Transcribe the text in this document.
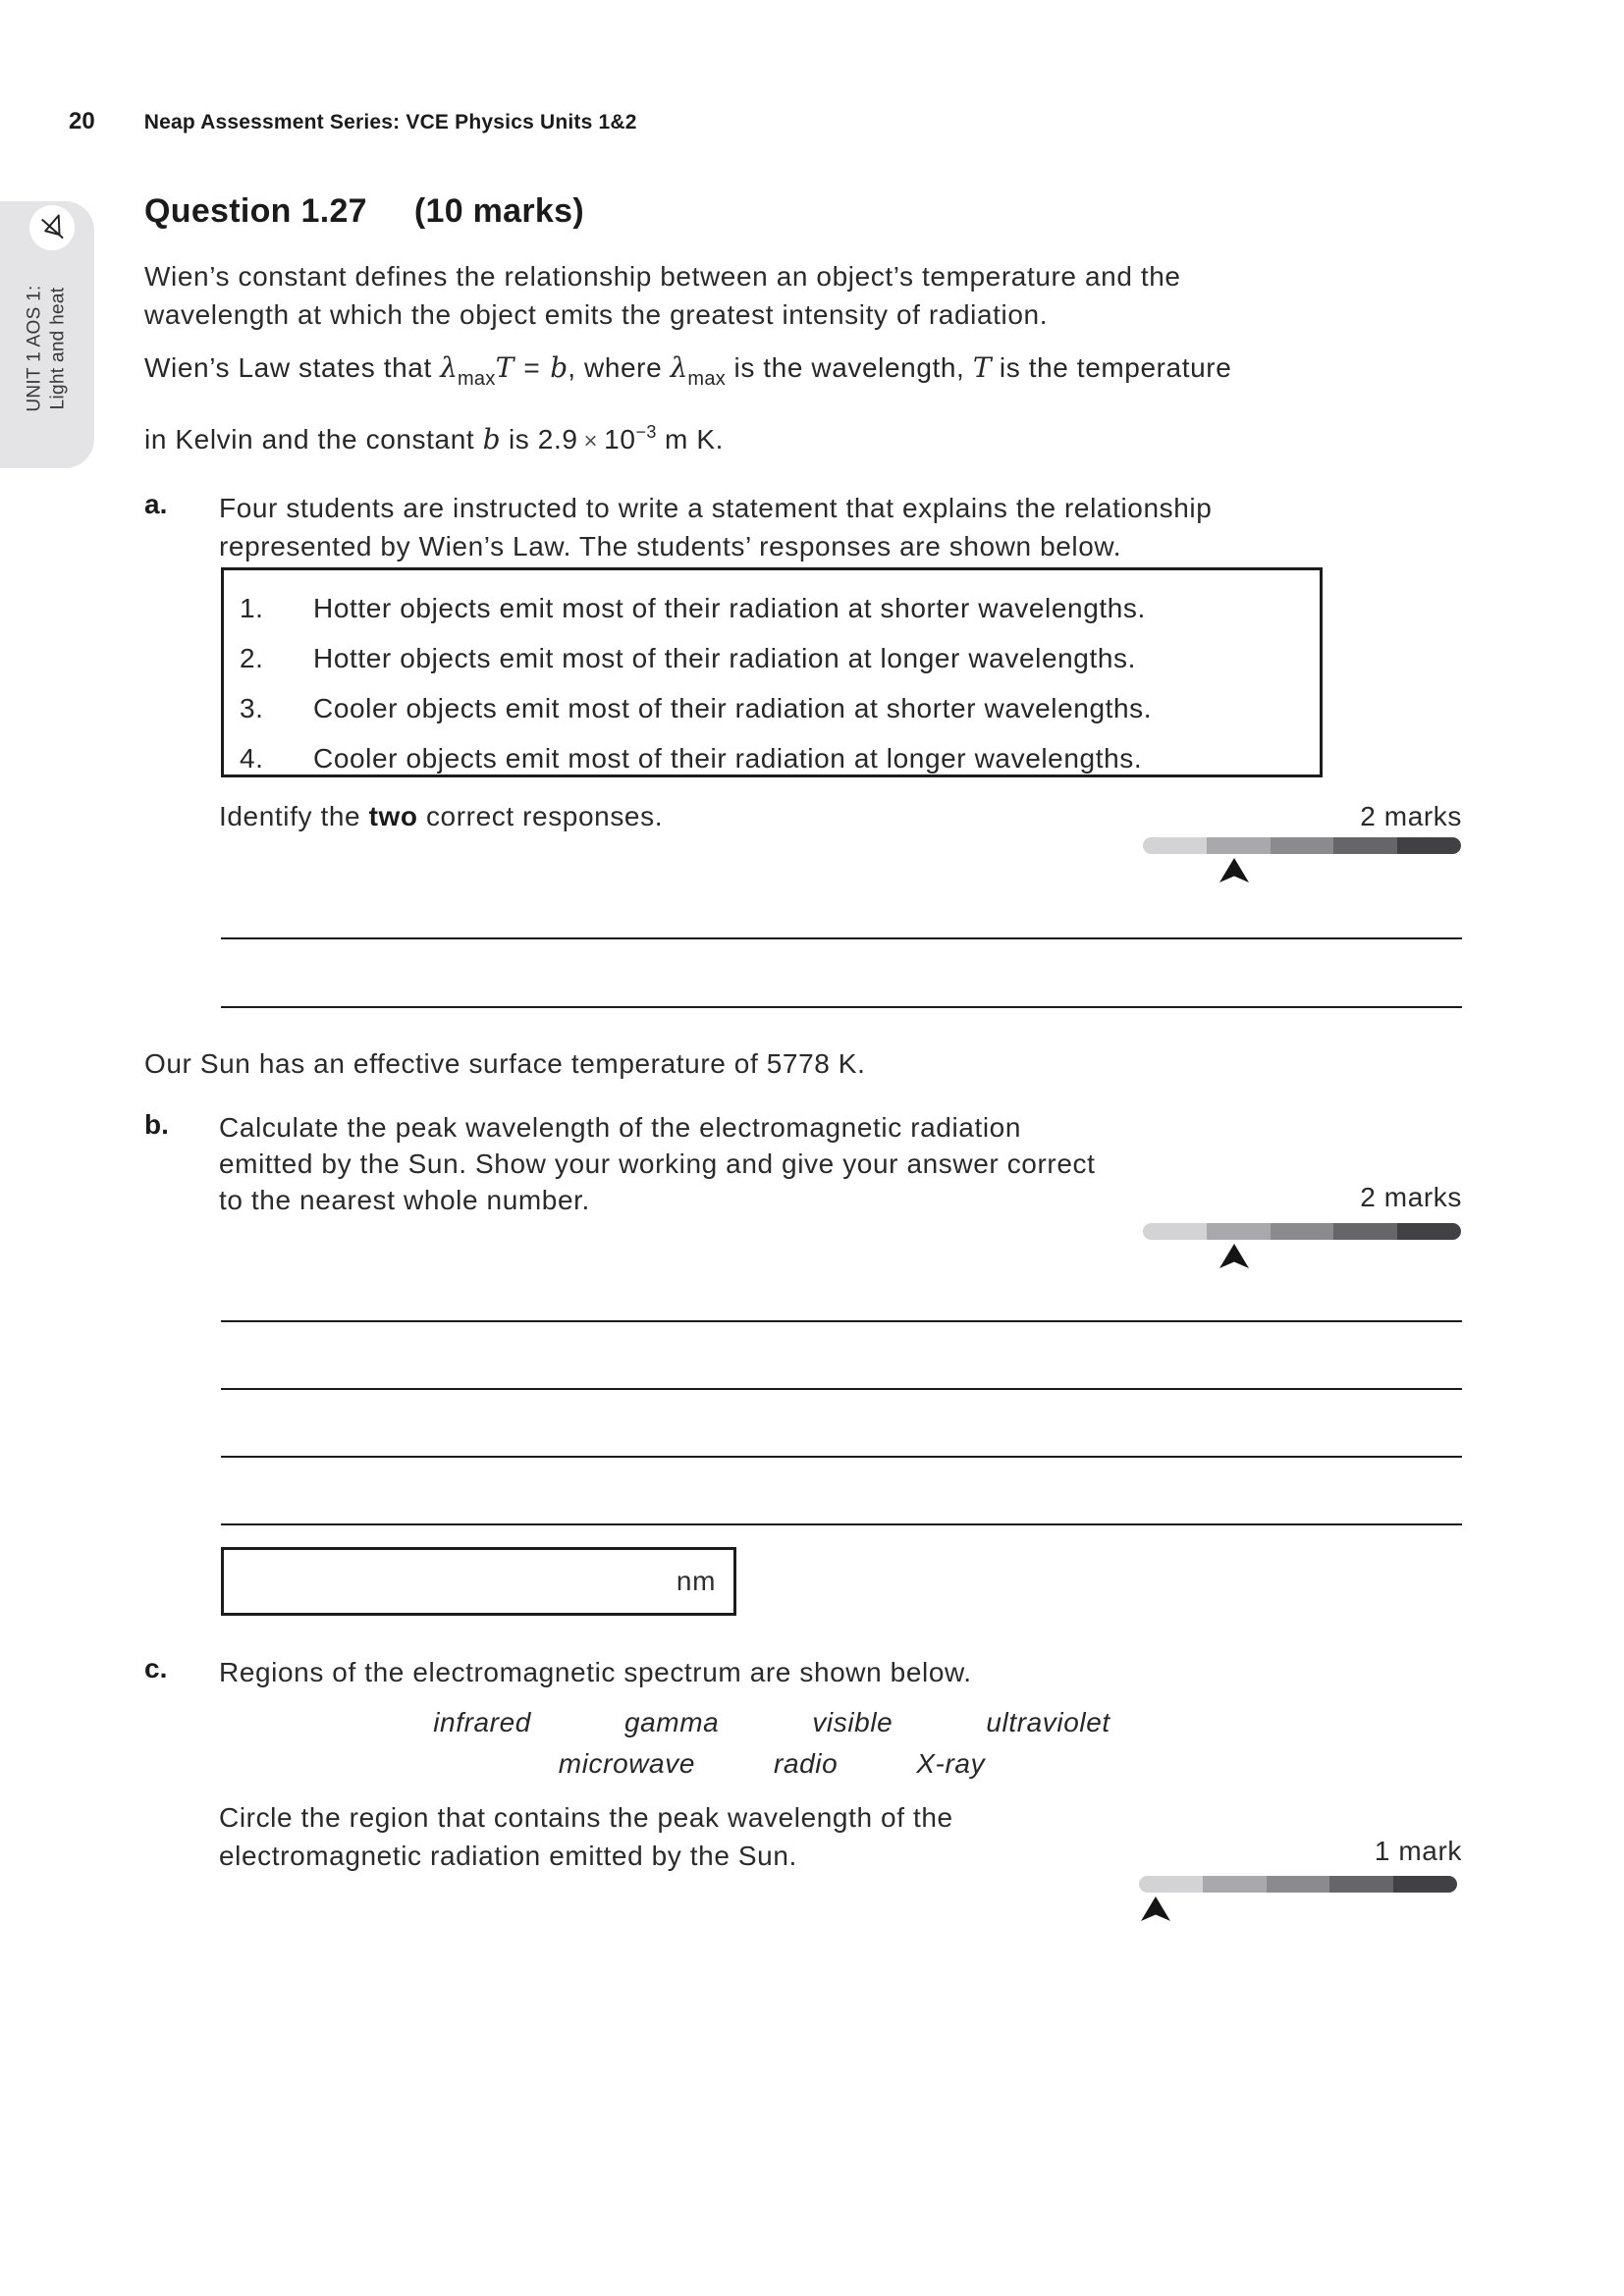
20 Neap Assessment Series: VCE Physics Units 1&2
UNIT 1 AOS 1: Light and heat
Question 1.27 (10 marks)
Wien’s constant defines the relationship between an object’s temperature and the
wavelength at which the object emits the greatest intensity of radiation.
Wien’s Law states that $\lambda_{max}T = b$, where $\lambda_{max}$ is the wavelength, T is the temperature
in Kelvin and the constant b is $2.9 \times 10^{-3}$ m K.
a. Four students are instructed to write a statement that explains the relationship
represented by Wien’s Law. The students’ responses are shown below.
1.	Hotter objects emit most of their radiation at shorter wavelengths.
2.	Hotter objects emit most of their radiation at longer wavelengths.
3.	Cooler objects emit most of their radiation at shorter wavelengths.
4.	Cooler objects emit most of their radiation at longer wavelengths.
Identify the two correct responses.	2 marks
Our Sun has an effective surface temperature of 5778 K.
b. Calculate the peak wavelength of the electromagnetic radiation
emitted by the Sun. Show your working and give your answer correct
to the nearest whole number.	2 marks
nm
c. Regions of the electromagnetic spectrum are shown below.
infrared	gamma	visible	ultraviolet
microwave	radio	X-ray
Circle the region that contains the peak wavelength of the
electromagnetic radiation emitted by the Sun.	1 mark
